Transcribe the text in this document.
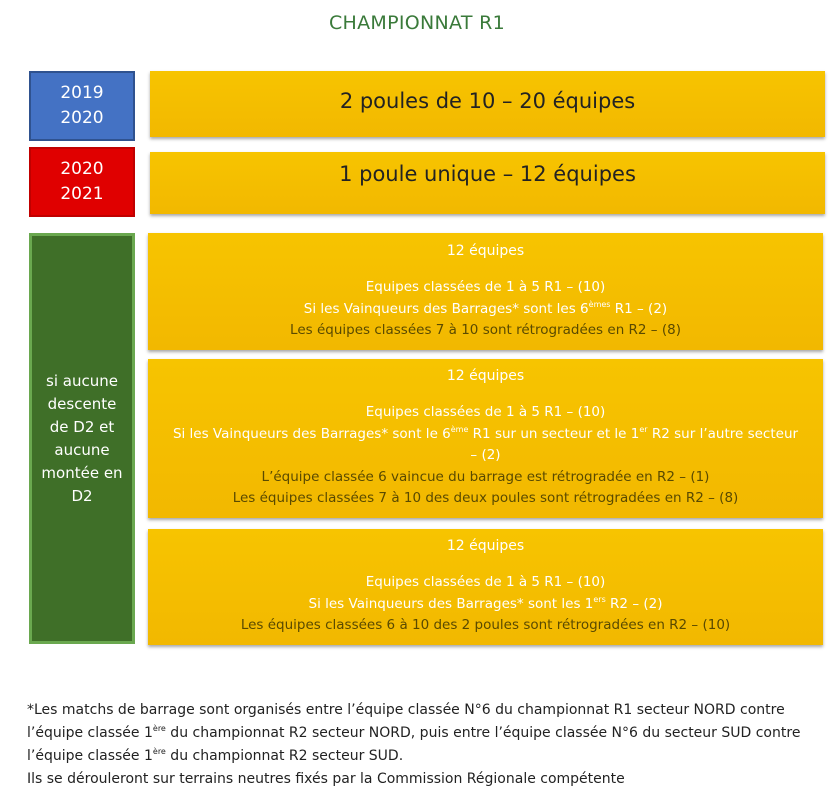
CHAMPIONNAT R1
2019
2020
2020
2021
si aucune
descente
de D2 et
aucune
montée en
D2
2 poules de 10 – 20 équipes
1 poule unique – 12 équipes
12 équipes
Equipes classées de 1 à 5 R1 – (10)
Si les Vainqueurs des Barrages* sont les 6èmes R1 – (2)
Les équipes classées 7 à 10 sont rétrogradées en R2 – (8)
12 équipes
Equipes classées de 1 à 5 R1 – (10)
Si les Vainqueurs des Barrages* sont le 6ème R1 sur un secteur et le 1er R2 sur l’autre secteur
– (2)
L’équipe classée 6 vaincue du barrage est rétrogradée en R2 – (1)
Les équipes classées 7 à 10 des deux poules sont rétrogradées en R2 – (8)
12 équipes
Equipes classées de 1 à 5 R1 – (10)
Si les Vainqueurs des Barrages* sont les 1ers R2 – (2)
Les équipes classées 6 à 10 des 2 poules sont rétrogradées en R2 – (10)
*Les matchs de barrage sont organisés entre l’équipe classée N°6 du championnat R1 secteur NORD contre
l’équipe classée 1ère du championnat R2 secteur NORD, puis entre l’équipe classée N°6 du secteur SUD contre
l’équipe classée 1ère du championnat R2 secteur SUD.
Ils se dérouleront sur terrains neutres fixés par la Commission Régionale compétente
